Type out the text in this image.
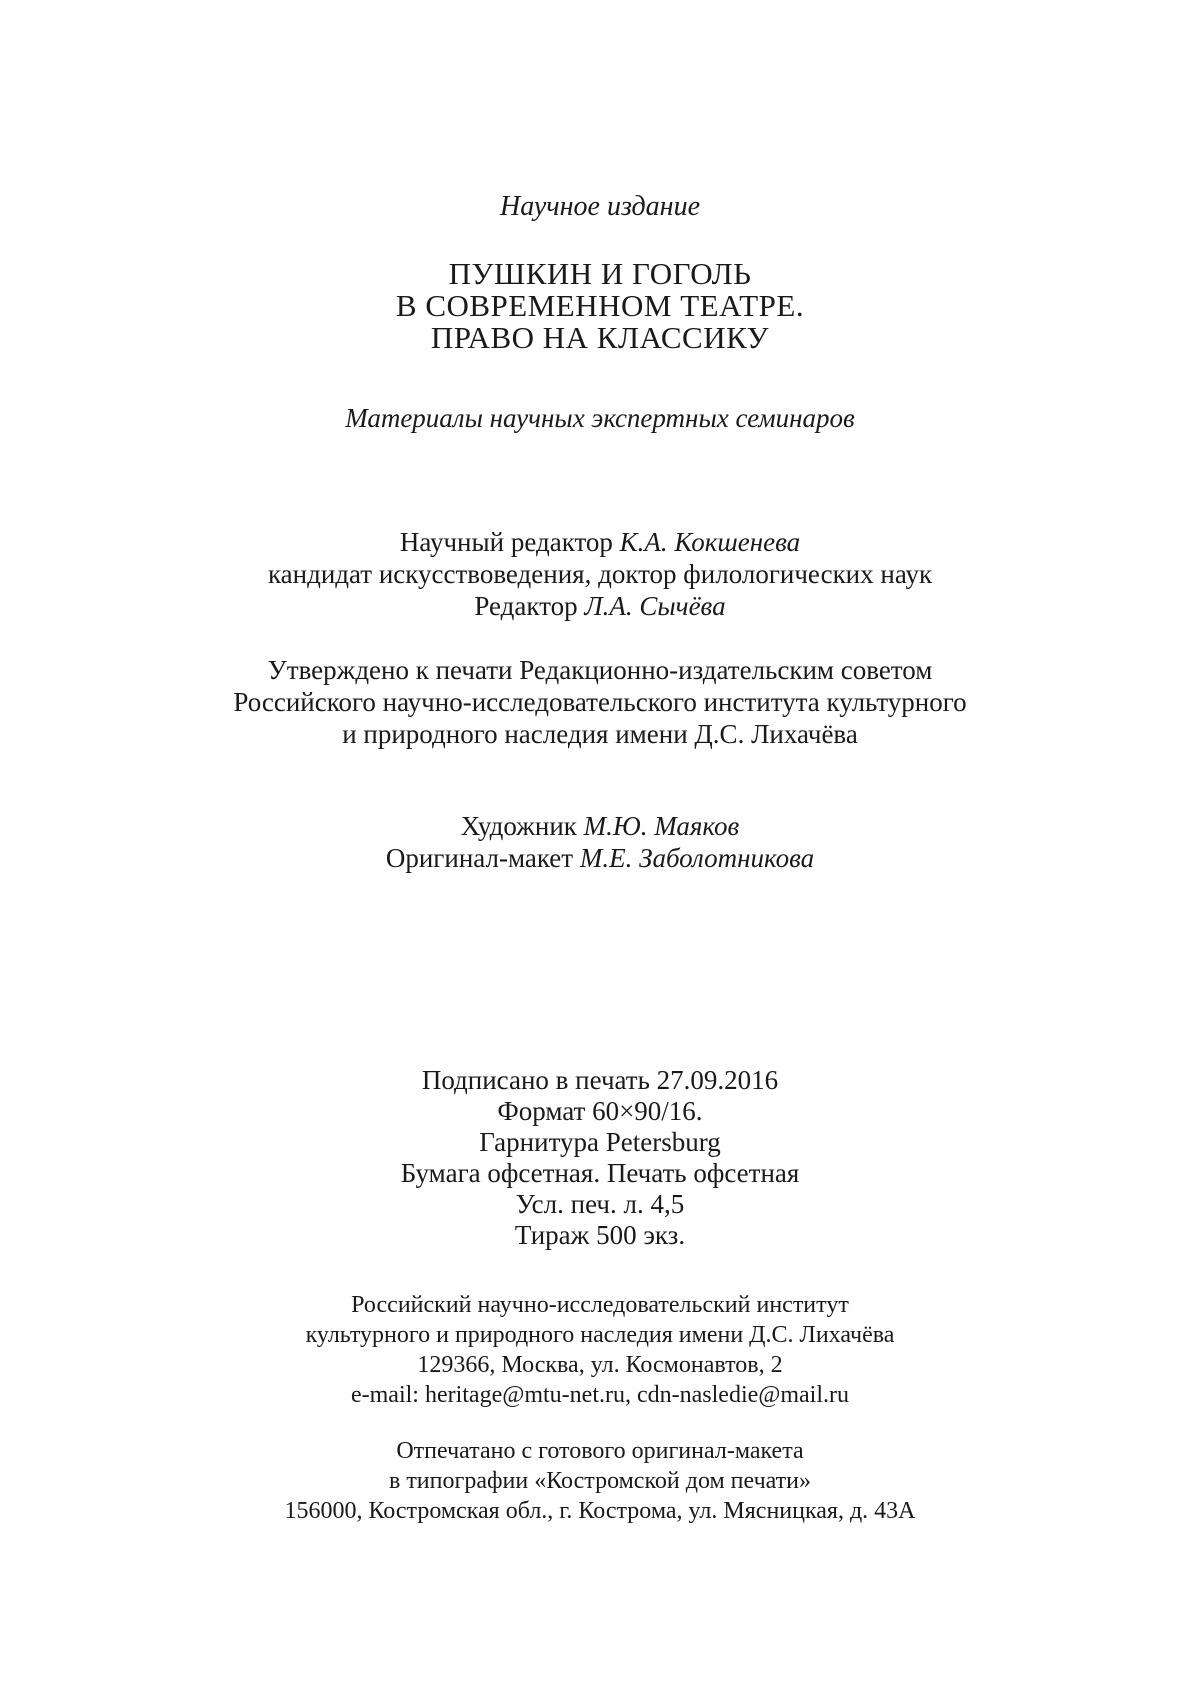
Научное издание
ПУШКИН И ГОГОЛЬ
В СОВРЕМЕННОМ ТЕАТРЕ.
ПРАВО НА КЛАССИКУ
Материалы научных экспертных семинаров
Научный редактор К.А. Кокшенева
кандидат искусствоведения, доктор филологических наук
Редактор Л.А. Сычёва
Утверждено к печати Редакционно-издательским советом
Российского научно-исследовательского института культурного
и природного наследия имени Д.С. Лихачёва
Художник М.Ю. Маяков
Оригинал-макет М.Е. Заболотникова
Подписано в печать 27.09.2016
Формат 60×90/16.
Гарнитура Petersburg
Бумага офсетная. Печать офсетная
Усл. печ. л. 4,5
Тираж 500 экз.
Российский научно-исследовательский институт
культурного и природного наследия имени Д.С. Лихачёва
129366, Москва, ул. Космонавтов, 2
e-mail: heritage@mtu-net.ru, cdn-nasledie@mail.ru
Отпечатано с готового оригинал-макета
в типографии «Костромской дом печати»
156000, Костромская обл., г. Кострома, ул. Мясницкая, д. 43А
